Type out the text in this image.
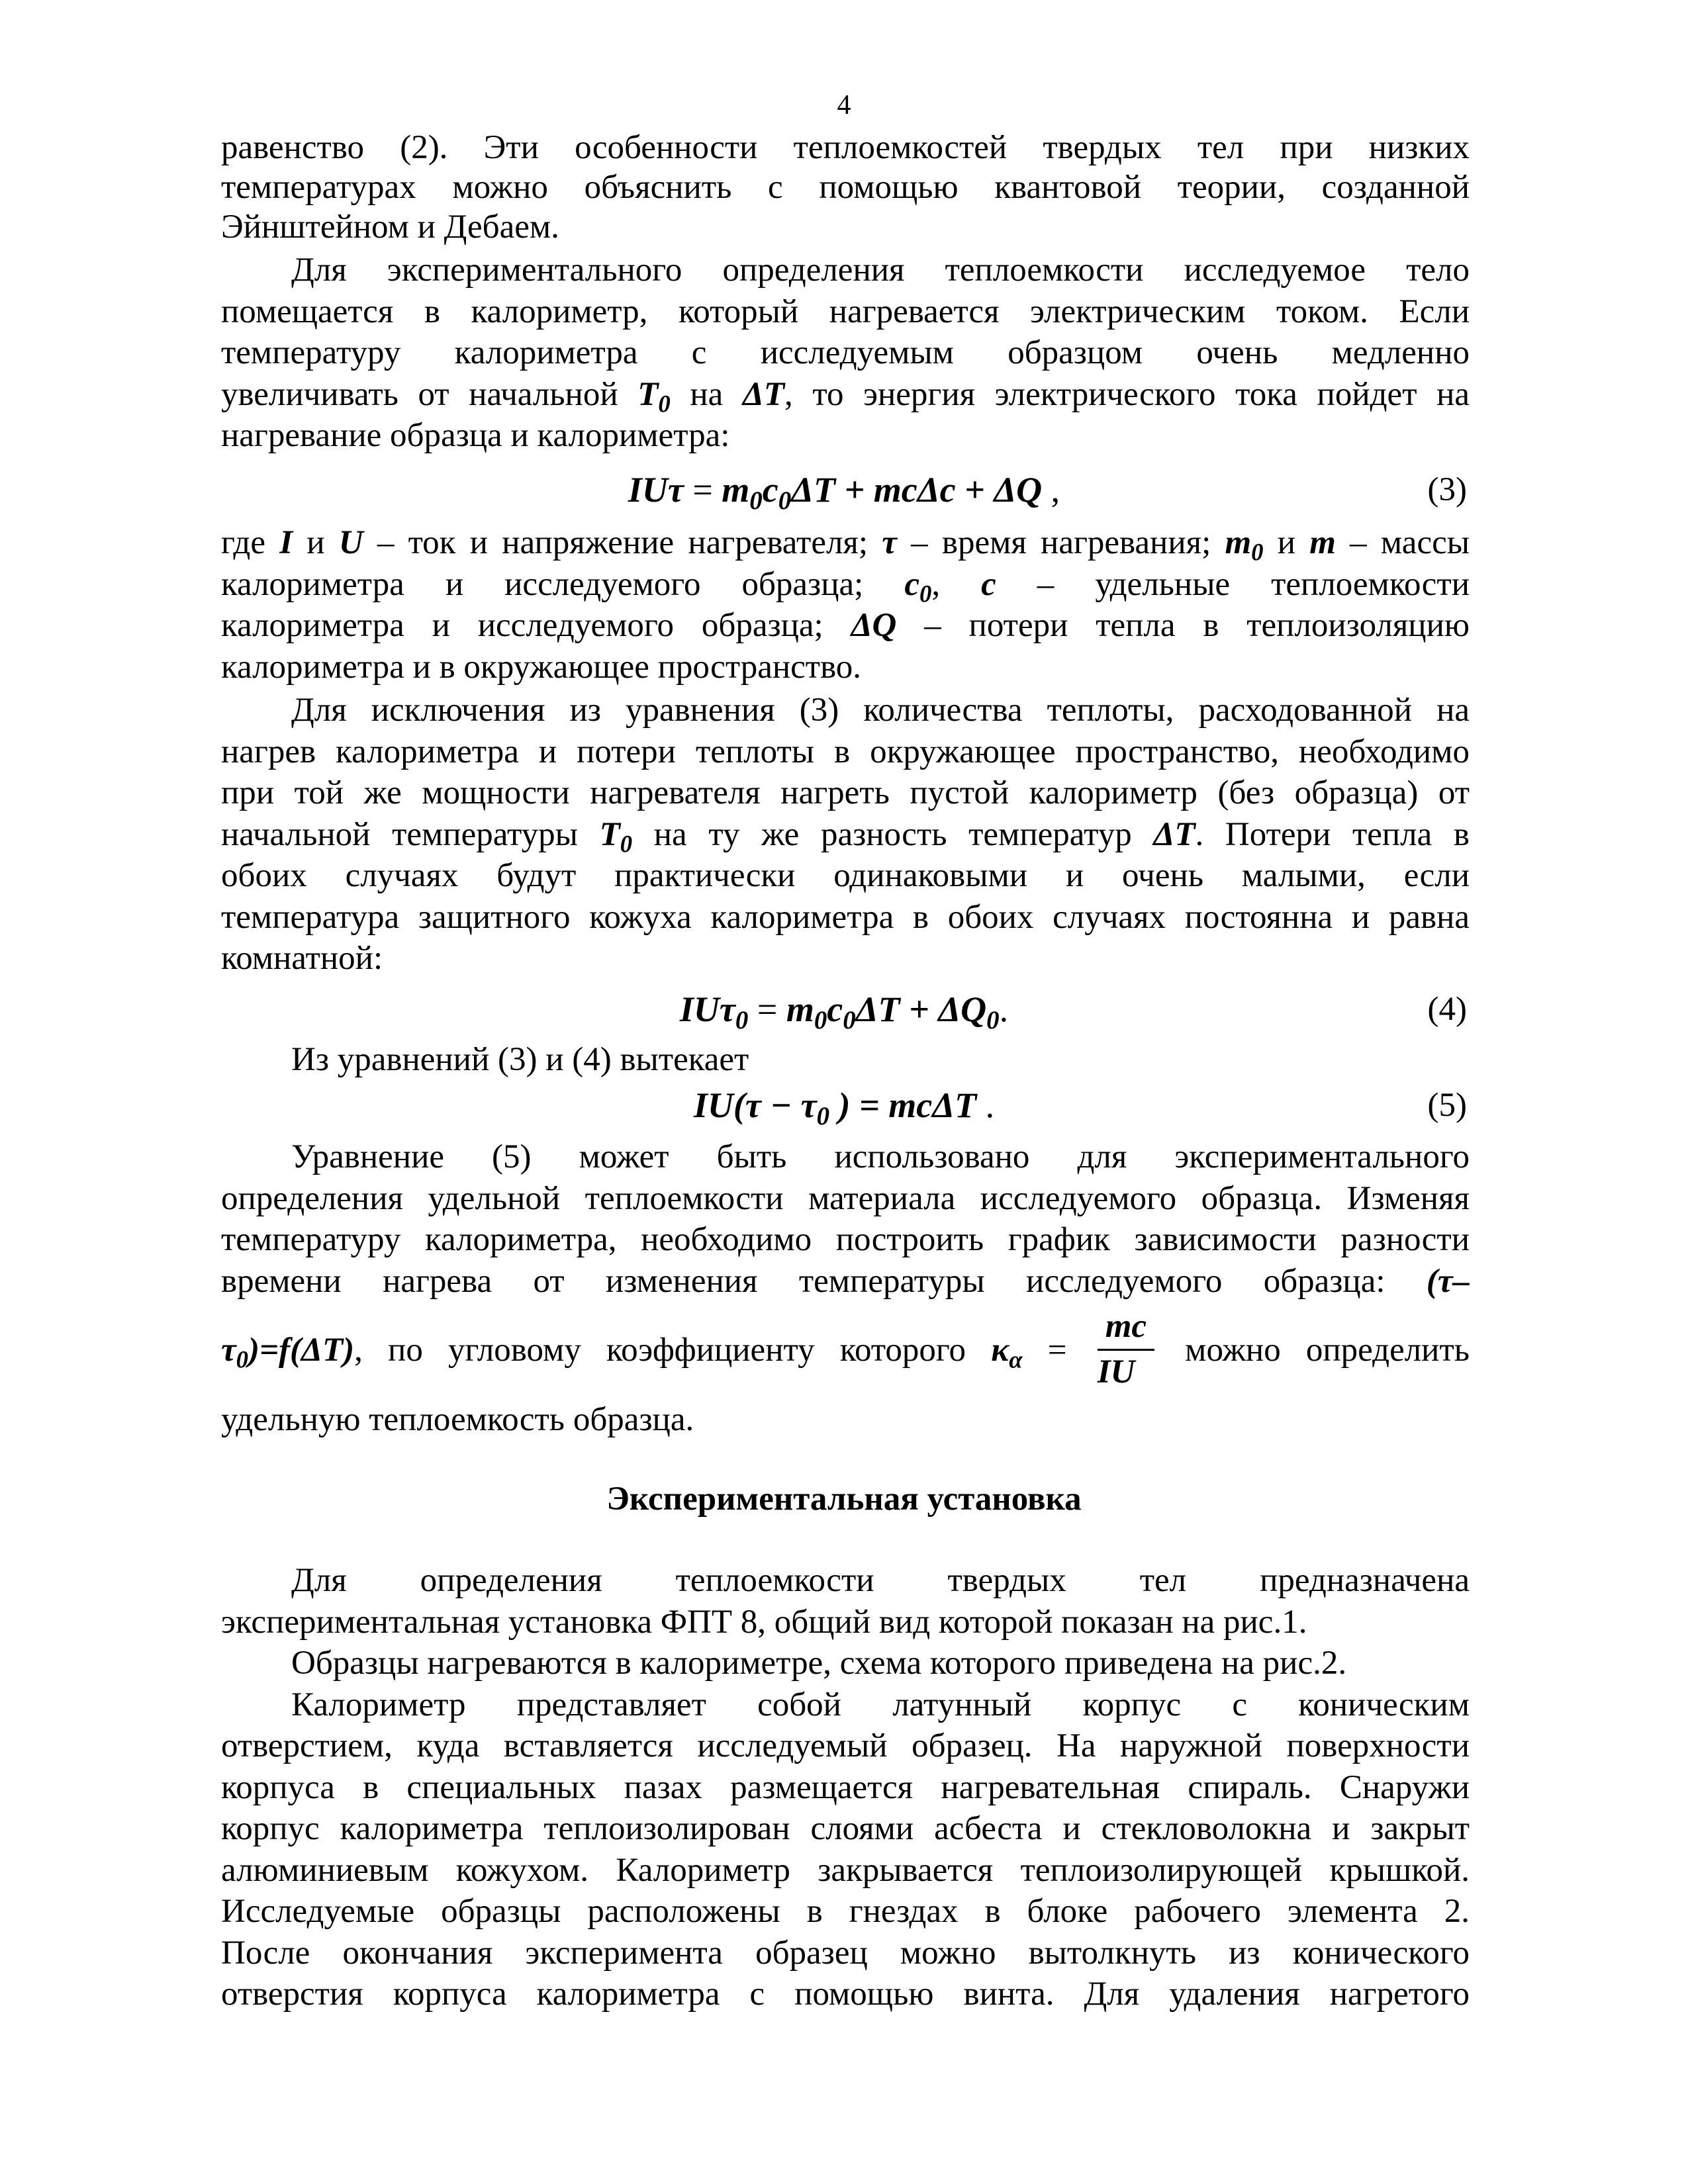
4
равенство (2). Эти особенности теплоемкостей твердых тел при низких
температурах можно объяснить с помощью квантовой теории, созданной
Эйнштейном и Дебаем.
Для экспериментального определения теплоемкости исследуемое тело
помещается в калориметр, который нагревается электрическим током. Если
температуру калориметра с исследуемым образцом очень медленно
увеличивать от начальной $T_0$ на ΔT, то энергия электрического тока пойдет на
нагревание образца и калориметра:
$IU\tau = m_0c_0\Delta T + mc\Delta c + \Delta Q$ ,	(3)
где I и U – ток и напряжение нагревателя; τ – время нагревания; $m_0$ и m – массы
калориметра и исследуемого образца; $c_0$, c – удельные теплоемкости
калориметра и исследуемого образца; ΔQ – потери тепла в теплоизоляцию
калориметра и в окружающее пространство.
Для исключения из уравнения (3) количества теплоты, расходованной на
нагрев калориметра и потери теплоты в окружающее пространство, необходимо
при той же мощности нагревателя нагреть пустой калориметр (без образца) от
начальной температуры $T_0$ на ту же разность температур ΔT. Потери тепла в
обоих случаях будут практически одинаковыми и очень малыми, если
температура защитного кожуха калориметра в обоих случаях постоянна и равна
комнатной:
$IU\tau_0 = m_0c_0\Delta T + \Delta Q_0$.	(4)
Из уравнений (3) и (4) вытекает
$IU(\tau - \tau_0$ ) = mcΔT .	(5)
Уравнение (5) может быть использовано для экспериментального
определения удельной теплоемкости материала исследуемого образца. Изменяя
температуру калориметра, необходимо построить график зависимости разности
времени нагрева от изменения температуры исследуемого образца: (τ–
$\tau_0)=f(\Delta T)$, по угловому коэффициенту которого $\kappa_\alpha = \frac{mc}{IU}$ можно определить
удельную теплоемкость образца.
Экспериментальная установка
Для определения теплоемкости твердых тел предназначена
экспериментальная установка ФПТ 8, общий вид которой показан на рис.1.
Образцы нагреваются в калориметре, схема которого приведена на рис.2.
Калориметр представляет собой латунный корпус с коническим
отверстием, куда вставляется исследуемый образец. На наружной поверхности
корпуса в специальных пазах размещается нагревательная спираль. Снаружи
корпус калориметра теплоизолирован слоями асбеста и стекловолокна и закрыт
алюминиевым кожухом. Калориметр закрывается теплоизолирующей крышкой.
Исследуемые образцы расположены в гнездах в блоке рабочего элемента 2.
После окончания эксперимента образец можно вытолкнуть из конического
отверстия корпуса калориметра с помощью винта. Для удаления нагретого
